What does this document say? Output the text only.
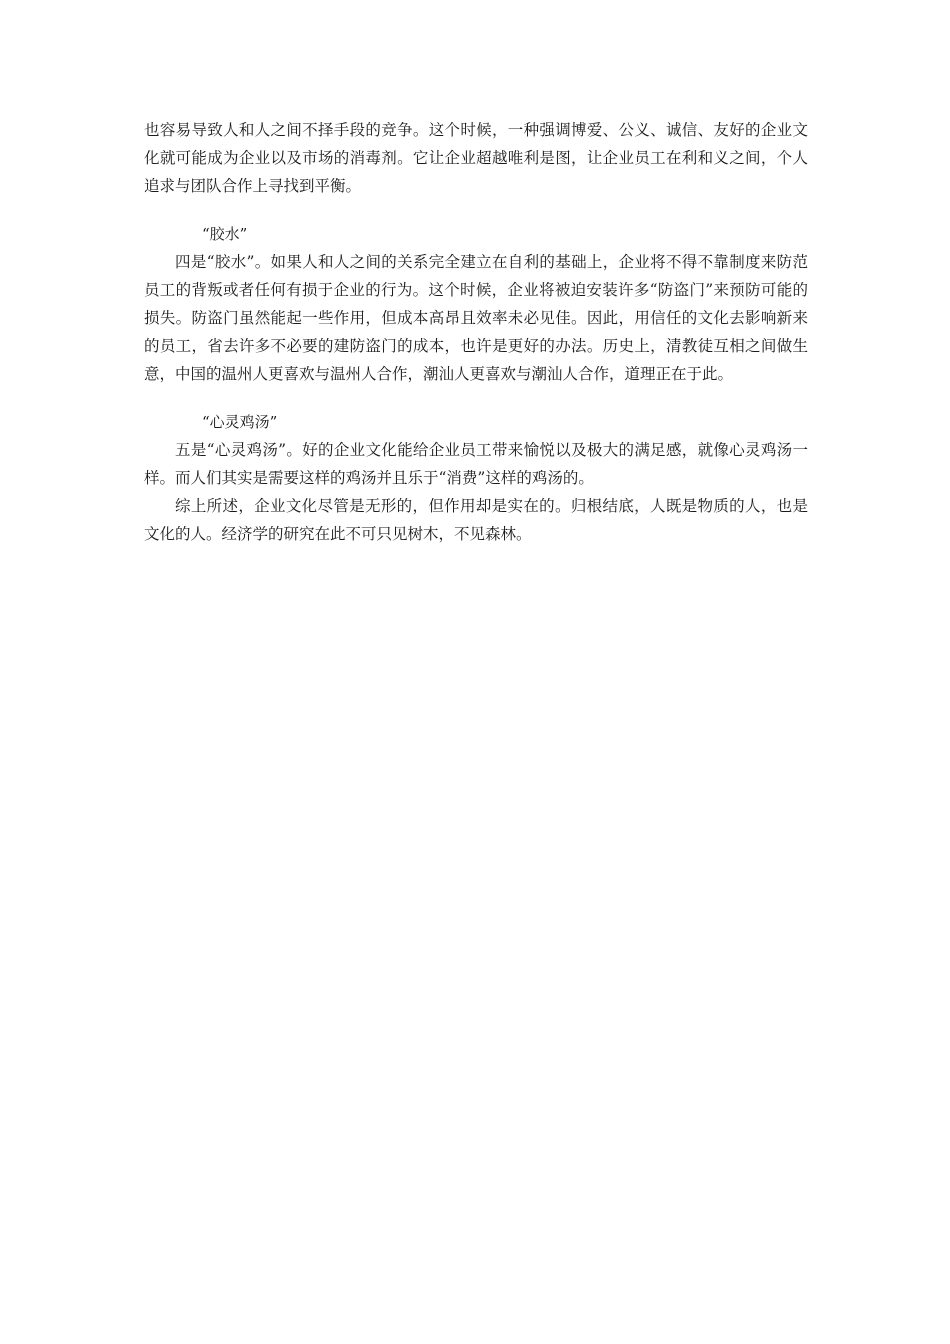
也容易导致人和人之间不择手段的竞争。这个时候，一种强调博爱、公义、诚信、友好的企业文化就可能成为企业以及市场的消毒剂。它让企业超越唯利是图，让企业员工在利和义之间，个人追求与团队合作上寻找到平衡。

“胶水”

四是“胶水”。如果人和人之间的关系完全建立在自利的基础上，企业将不得不靠制度来防范员工的背叛或者任何有损于企业的行为。这个时候，企业将被迫安装许多“防盗门”来预防可能的损失。防盗门虽然能起一些作用，但成本高昂且效率未必见佳。因此，用信任的文化去影响新来的员工，省去许多不必要的建防盗门的成本，也许是更好的办法。历史上，清教徒互相之间做生意，中国的温州人更喜欢与温州人合作，潮汕人更喜欢与潮汕人合作，道理正在于此。

“心灵鸡汤”

五是“心灵鸡汤”。好的企业文化能给企业员工带来愉悦以及极大的满足感，就像心灵鸡汤一样。而人们其实是需要这样的鸡汤并且乐于“消费”这样的鸡汤的。

综上所述，企业文化尽管是无形的，但作用却是实在的。归根结底，人既是物质的人，也是文化的人。经济学的研究在此不可只见树木，不见森林。
